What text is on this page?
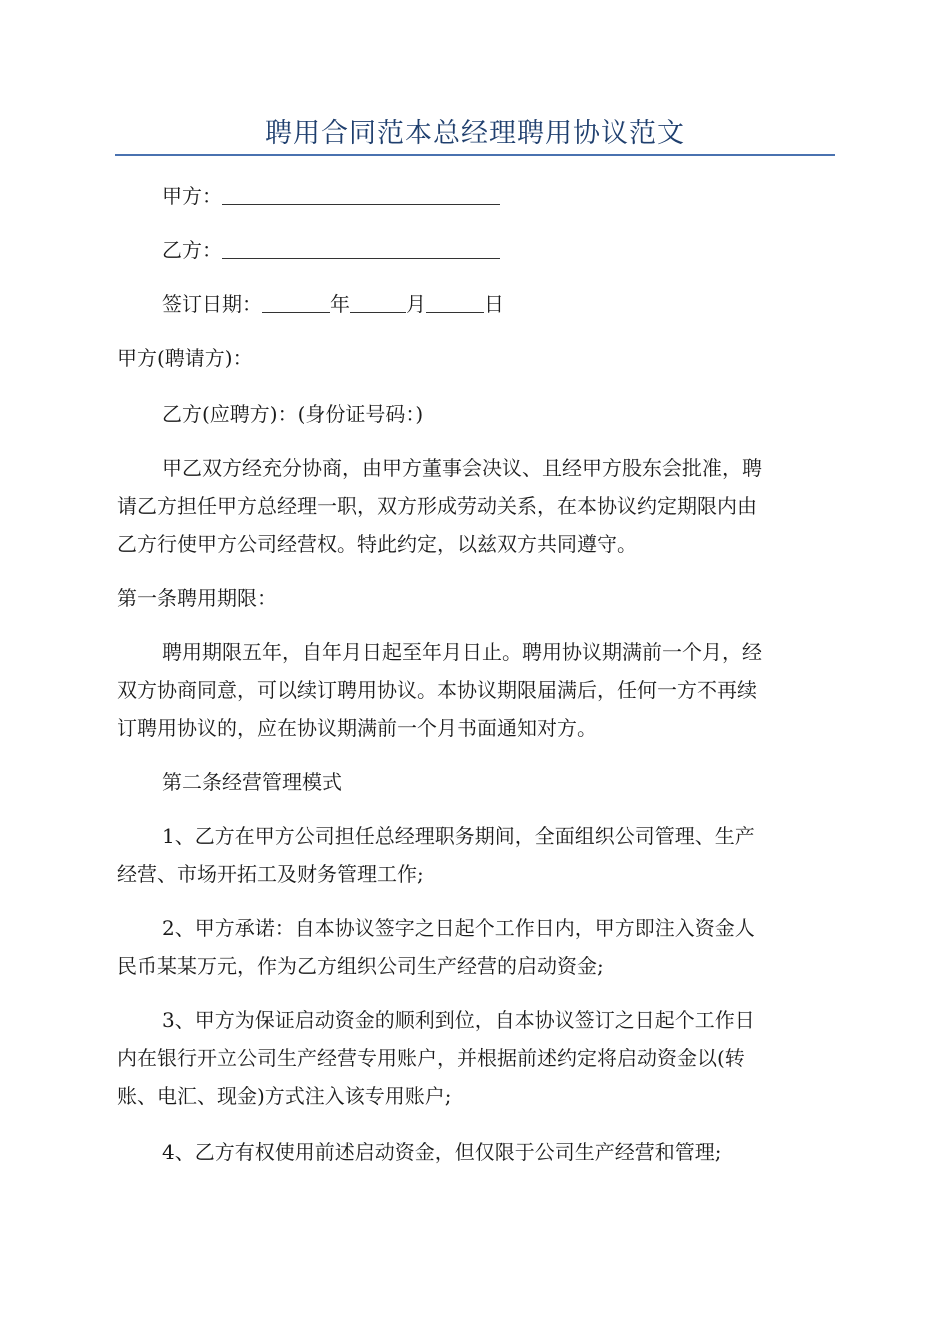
聘用合同范本总经理聘用协议范文
甲方：
乙方：
签订日期：	年	月	日
甲方(聘请方)：
乙方(应聘方)：(身份证号码：)
甲乙双方经充分协商，由甲方董事会决议、且经甲方股东会批准，聘
请乙方担任甲方总经理一职，双方形成劳动关系，在本协议约定期限内由
乙方行使甲方公司经营权。特此约定，以兹双方共同遵守。
第一条聘用期限：
聘用期限五年，自年月日起至年月日止。聘用协议期满前一个月，经
双方协商同意，可以续订聘用协议。本协议期限届满后，任何一方不再续
订聘用协议的，应在协议期满前一个月书面通知对方。
第二条经营管理模式
1、乙方在甲方公司担任总经理职务期间，全面组织公司管理、生产
经营、市场开拓工及财务管理工作;
2、甲方承诺：自本协议签字之日起个工作日内，甲方即注入资金人
民币某某万元，作为乙方组织公司生产经营的启动资金;
3、甲方为保证启动资金的顺利到位，自本协议签订之日起个工作日
内在银行开立公司生产经营专用账户，并根据前述约定将启动资金以(转
账、电汇、现金)方式注入该专用账户;
4、乙方有权使用前述启动资金，但仅限于公司生产经营和管理;
